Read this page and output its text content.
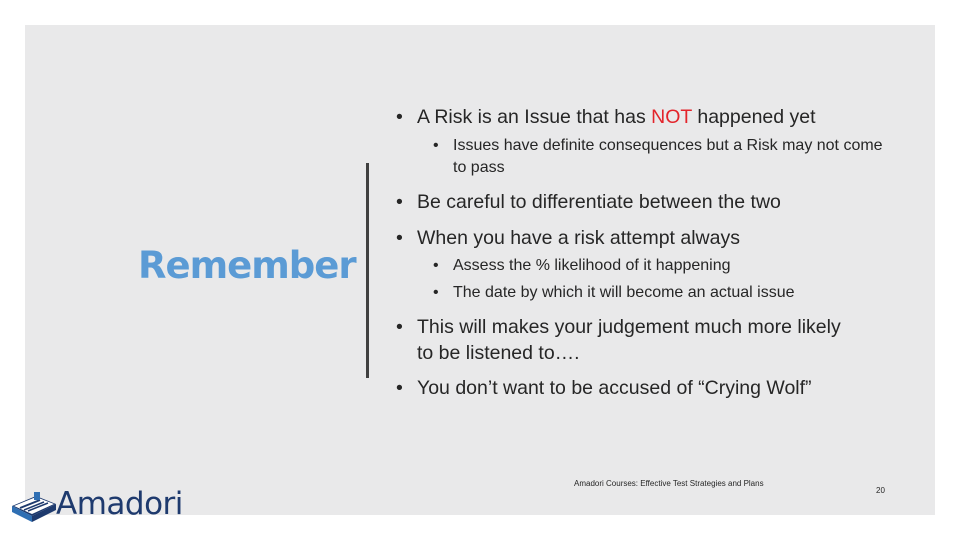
Remember
• A Risk is an Issue that has NOT happened yet
• Issues have definite consequences but a Risk may not come to pass
• Be careful to differentiate between the two
• When you have a risk attempt always
• Assess the % likelihood of it happening
• The date by which it will become an actual issue
• This will makes your judgement much more likely to be listened to….
• You don’t want to be accused of “Crying Wolf”
Amadori Courses: Effective Test Strategies and Plans
20
Amadori
